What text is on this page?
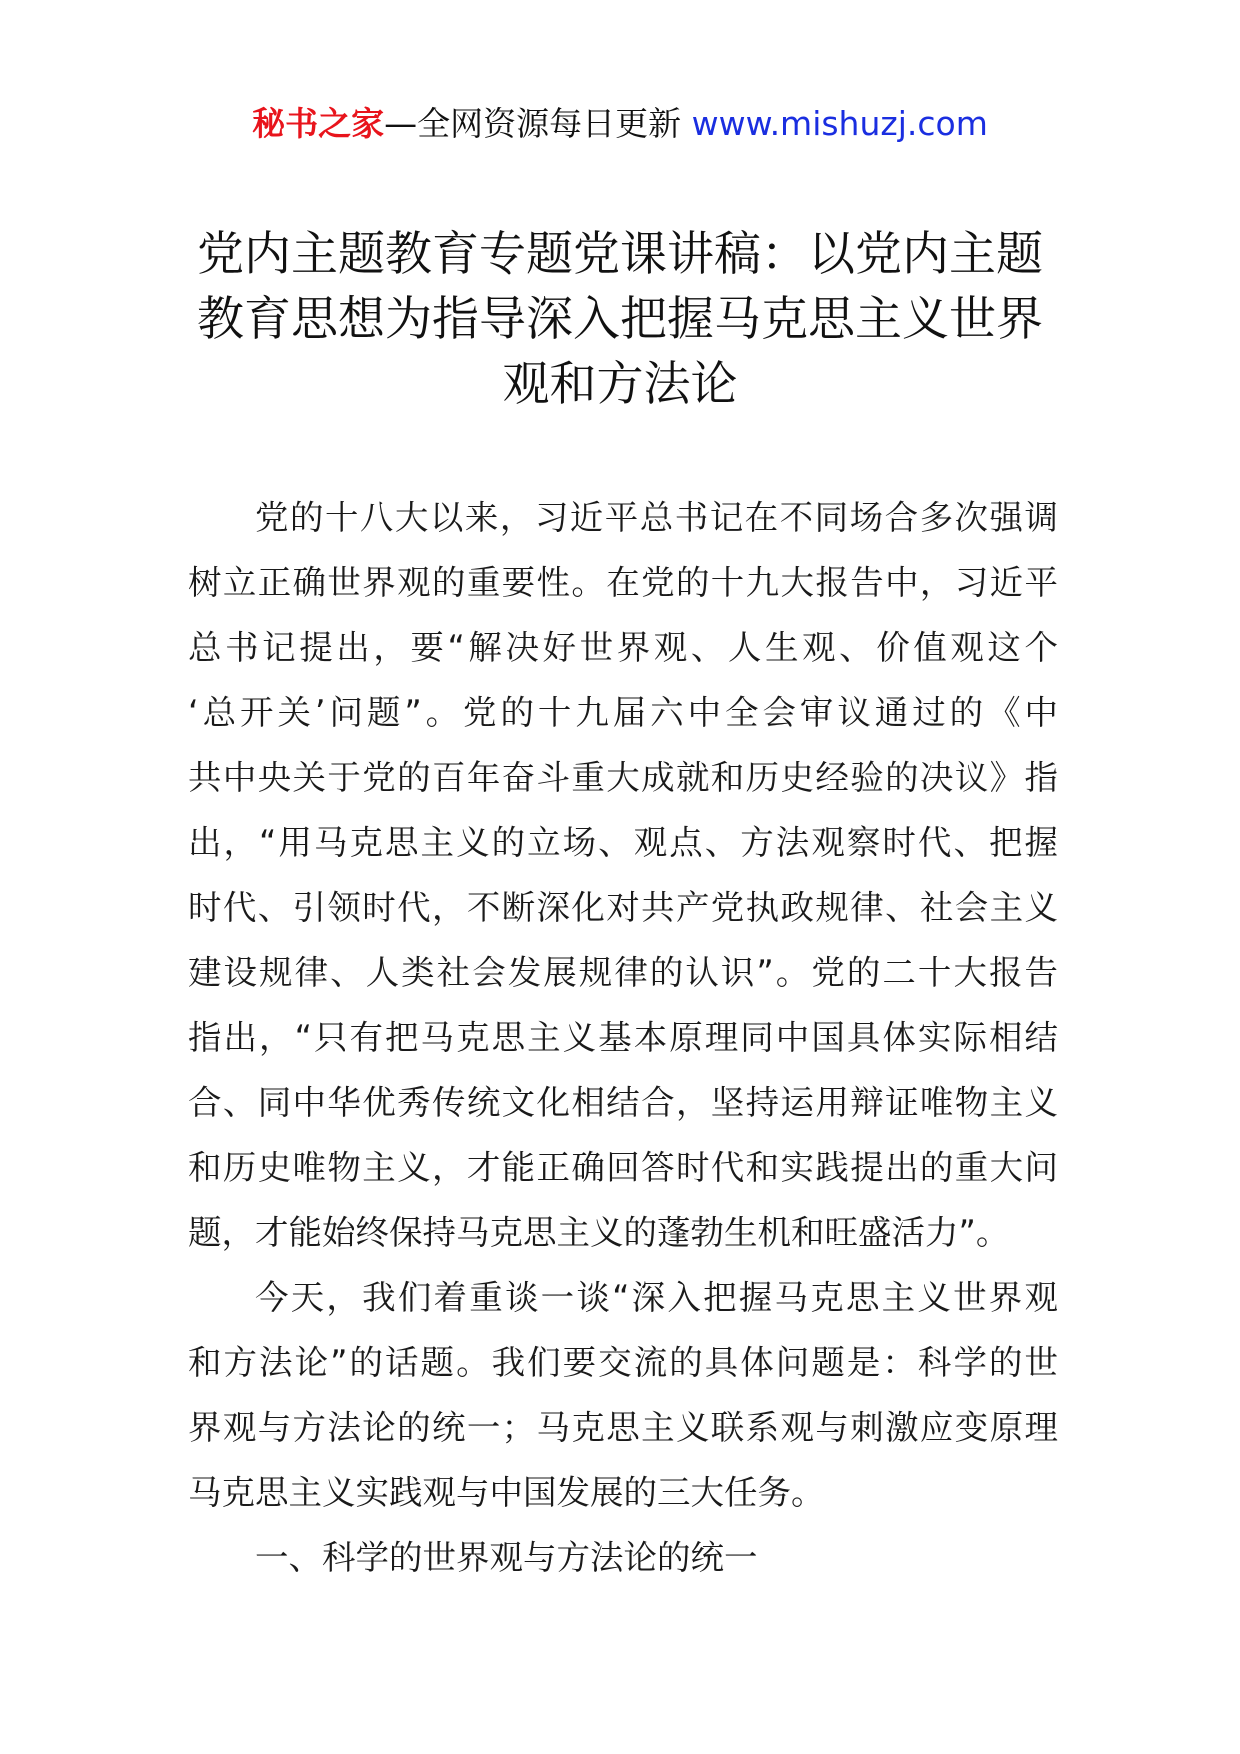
秘书之家—全网资源每日更新 www.mishuzj.com
党内主题教育专题党课讲稿：以党内主题
教育思想为指导深入把握马克思主义世界
观和方法论
党的十八大以来，习近平总书记在不同场合多次强调
树立正确世界观的重要性。在党的十九大报告中，习近平
总书记提出，要“解决好世界观、人生观、价值观这个
‘总开关’问题”。党的十九届六中全会审议通过的《中
共中央关于党的百年奋斗重大成就和历史经验的决议》指
出，“用马克思主义的立场、观点、方法观察时代、把握
时代、引领时代，不断深化对共产党执政规律、社会主义
建设规律、人类社会发展规律的认识”。党的二十大报告
指出，“只有把马克思主义基本原理同中国具体实际相结
合、同中华优秀传统文化相结合，坚持运用辩证唯物主义
和历史唯物主义，才能正确回答时代和实践提出的重大问
题，才能始终保持马克思主义的蓬勃生机和旺盛活力”。
今天，我们着重谈一谈“深入把握马克思主义世界观
和方法论”的话题。我们要交流的具体问题是：科学的世
界观与方法论的统一；马克思主义联系观与刺激应变原理
马克思主义实践观与中国发展的三大任务。
一、科学的世界观与方法论的统一
